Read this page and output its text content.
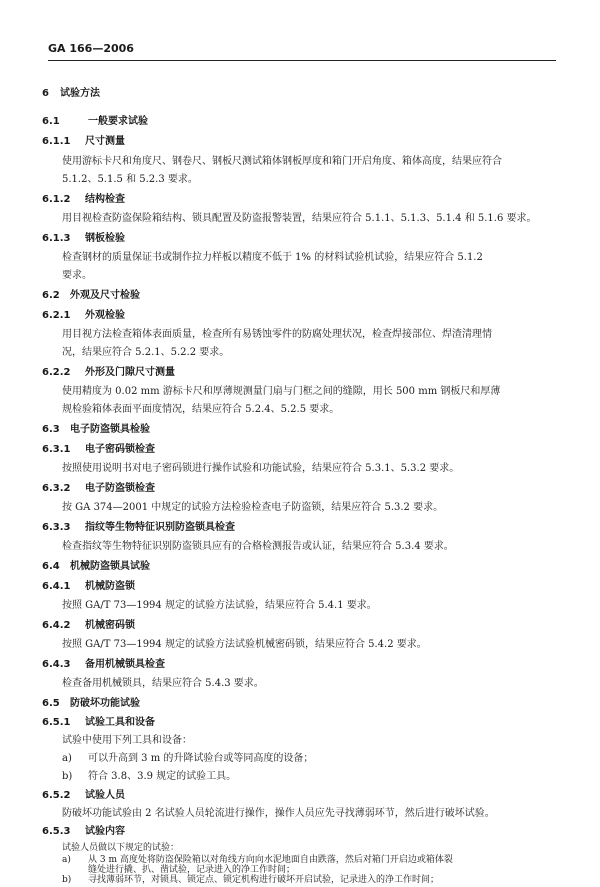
GA 166—2006
6 试验方法
6.1	一般要求试验
6.1.1 尺寸测量
使用游标卡尺和角度尺、钢卷尺、钢板尺测试箱体钢板厚度和箱门开启角度、箱体高度，结果应符合
5.1.2、5.1.5 和 5.2.3 要求。
6.1.2 结构检查
用目视检查防盗保险箱结构、锁具配置及防盗报警装置，结果应符合 5.1.1、5.1.3、5.1.4 和 5.1.6 要求。
6.1.3 钢板检验
检查钢材的质量保证书或制作拉力样板以精度不低于 1% 的材料试验机试验，结果应符合 5.1.2
要求。
6.2 外观及尺寸检验
6.2.1 外观检验
用目视方法检查箱体表面质量，检查所有易锈蚀零件的防腐处理状况，检查焊接部位、焊渣清理情
况，结果应符合 5.2.1、5.2.2 要求。
6.2.2 外形及门隙尺寸测量
使用精度为 0.02 mm 游标卡尺和厚薄规测量门扇与门框之间的缝隙，用长 500 mm 钢板尺和厚薄
规检验箱体表面平面度情况，结果应符合 5.2.4、5.2.5 要求。
6.3 电子防盗锁具检验
6.3.1 电子密码锁检查
按照使用说明书对电子密码锁进行操作试验和功能试验，结果应符合 5.3.1、5.3.2 要求。
6.3.2 电子防盗锁检查
按 GA 374—2001 中规定的试验方法检验检查电子防盗锁，结果应符合 5.3.2 要求。
6.3.3 指纹等生物特征识别防盗锁具检查
检查指纹等生物特征识别防盗锁具应有的合格检测报告或认证，结果应符合 5.3.4 要求。
6.4 机械防盗锁具试验
6.4.1 机械防盗锁
按照 GA/T 73—1994 规定的试验方法试验，结果应符合 5.4.1 要求。
6.4.2 机械密码锁
按照 GA/T 73—1994 规定的试验方法试验机械密码锁，结果应符合 5.4.2 要求。
6.4.3 备用机械锁具检查
检查备用机械锁具，结果应符合 5.4.3 要求。
6.5 防破坏功能试验
6.5.1 试验工具和设备
试验中使用下列工具和设备：
a) 可以升高到 3 m 的升降试验台或等同高度的设备；
b) 符合 3.8、3.9 规定的试验工具。
6.5.2 试验人员
防破坏功能试验由 2 名试验人员轮流进行操作，操作人员应先寻找薄弱环节，然后进行破坏试验。
6.5.3 试验内容
试验人员做以下规定的试验：
a) 从 3 m 高度处将防盗保险箱以对角线方向向水泥地面自由跌落，然后对箱门开启边或箱体裂
缝处进行撬、扒、凿试验，记录进入的净工作时间；
b) 寻找薄弱环节，对锁具、锁定点、锁定机构进行破坏开启试验，记录进入的净工作时间；
